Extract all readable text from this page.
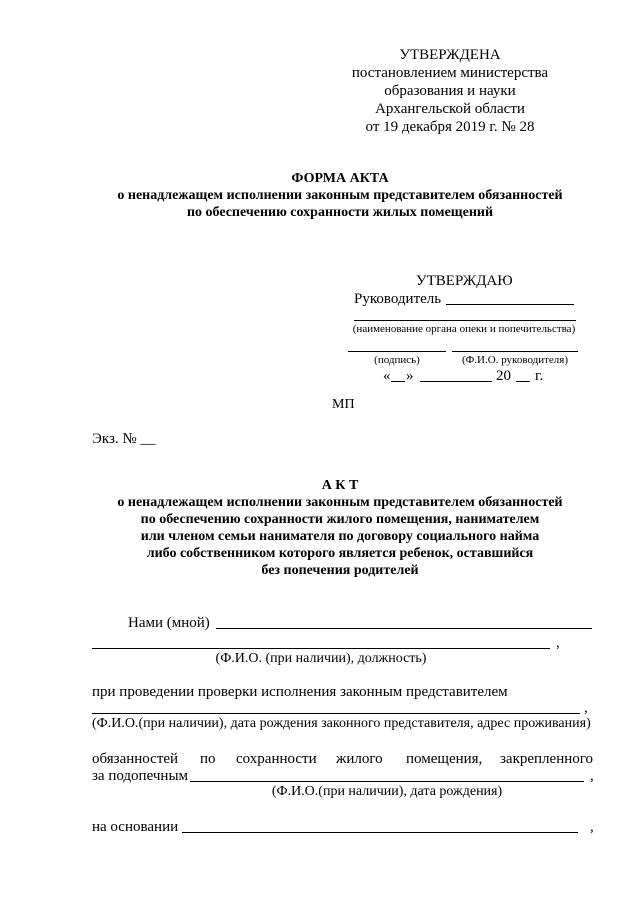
УТВЕРЖДЕНА
постановлением министерства
образования и науки
Архангельской области
от 19 декабря 2019 г. № 28
ФОРМА АКТА
о ненадлежащем исполнении законным представителем обязанностей
по обеспечению сохранности жилых помещений
УТВЕРЖДАЮ
Руководитель
(наименование органа опеки и попечительства)
(подпись)	(Ф.И.О. руководителя)
« »	20 г.
МП
Экз. № __
А К Т
о ненадлежащем исполнении законным представителем обязанностей
по обеспечению сохранности жилого помещения, нанимателем
или членом семьи нанимателя по договору социального найма
либо собственником которого является ребенок, оставшийся
без попечения родителей
Нами (мной)
,
(Ф.И.О. (при наличии), должность)
при проведении проверки исполнения законным представителем
,
(Ф.И.О.(при наличии), дата рождения законного представителя, адрес проживания)
обязанностей по сохранности жилого помещения, закрепленного
за подопечным	,
(Ф.И.О.(при наличии), дата рождения)
на основании	,
